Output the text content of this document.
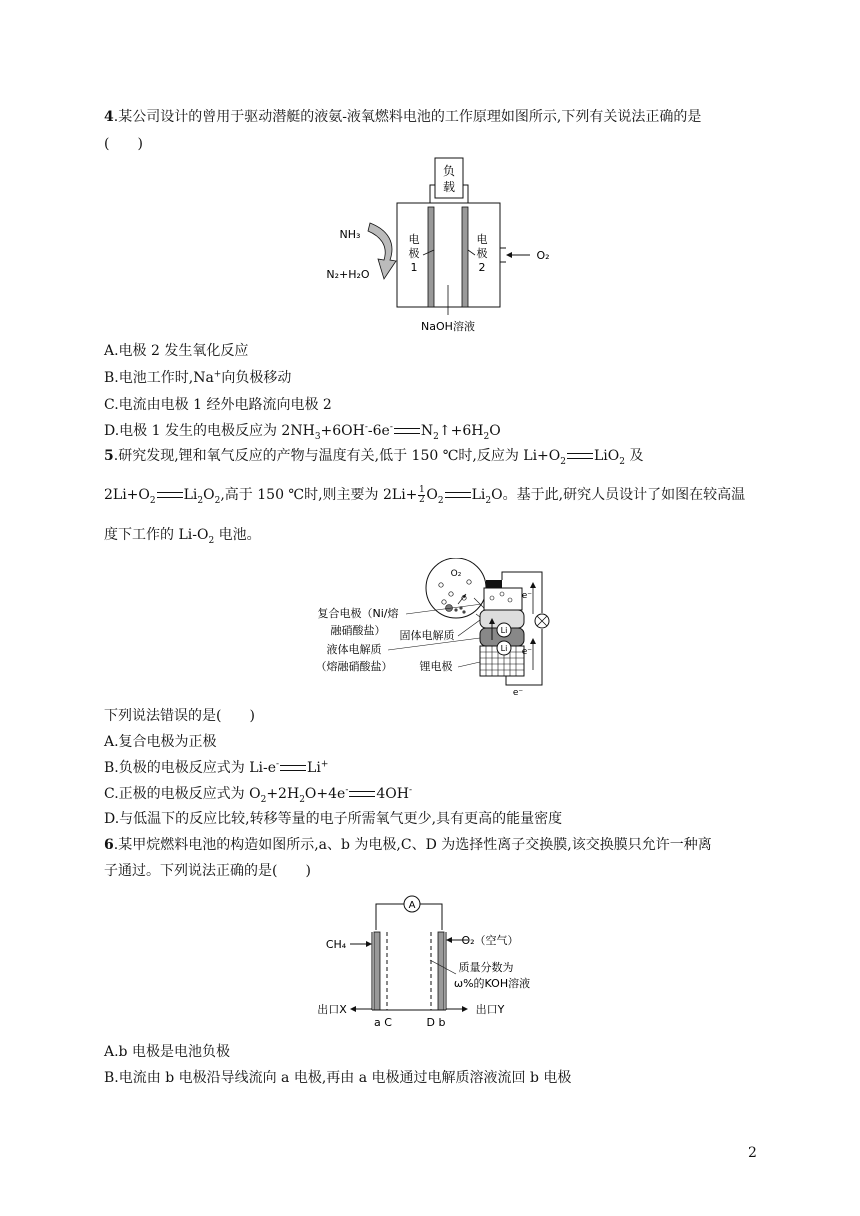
4.某公司设计的曾用于驱动潜艇的液氨-液氧燃料电池的工作原理如图所示,下列有关说法正确的是
(　　)
负
载
电
极
1
电
极
2
NH₃
N₂+H₂O
O₂
NaOH溶液
A.电极 2 发生氧化反应
B.电池工作时,Na+向负极移动
C.电流由电极 1 经外电路流向电极 2
D.电极 1 发生的电极反应为 $2NH_3+6OH^--6e^-$ $N_2↑+6H_2O$
5.研究发现,锂和氧气反应的产物与温度有关,低于 150 ℃时,反应为 $Li+O_2$ LiO$_2$ 及
$2Li+O_2$ $Li_2O_2$,高于 150 ℃时,则主要为 $2Li+ \frac{1}{2} O_2$ $Li_2O$。基于此,研究人员设计了如图在较高温
度下工作的 $Li-O_2$ 电池。
O₂
Li
Li
e⁻
e⁻
e⁻
复合电极（Ni/熔
融硝酸盐） 固体电解质
液体电解质
（熔融硝酸盐） 锂电极
下列说法错误的是(　　)
A.复合电极为正极
B.负极的电极反应式为 Li-e- Li+
C.正极的电极反应式为 $O_2+2H_2O+4e^-$ 4OH-
D.与低温下的反应比较,转移等量的电子所需氧气更少,具有更高的能量密度
6.某甲烷燃料电池的构造如图所示,a、b 为电极,C、D 为选择性离子交换膜,该交换膜只允许一种离
子通过。下列说法正确的是(　　)
A
CH₄	O₂（空气）
质量分数为
ω%的KOH溶液
出口X	出口Y
a C	D b
A.b 电极是电池负极
B.电流由 b 电极沿导线流向 a 电极,再由 a 电极通过电解质溶液流回 b 电极
2
